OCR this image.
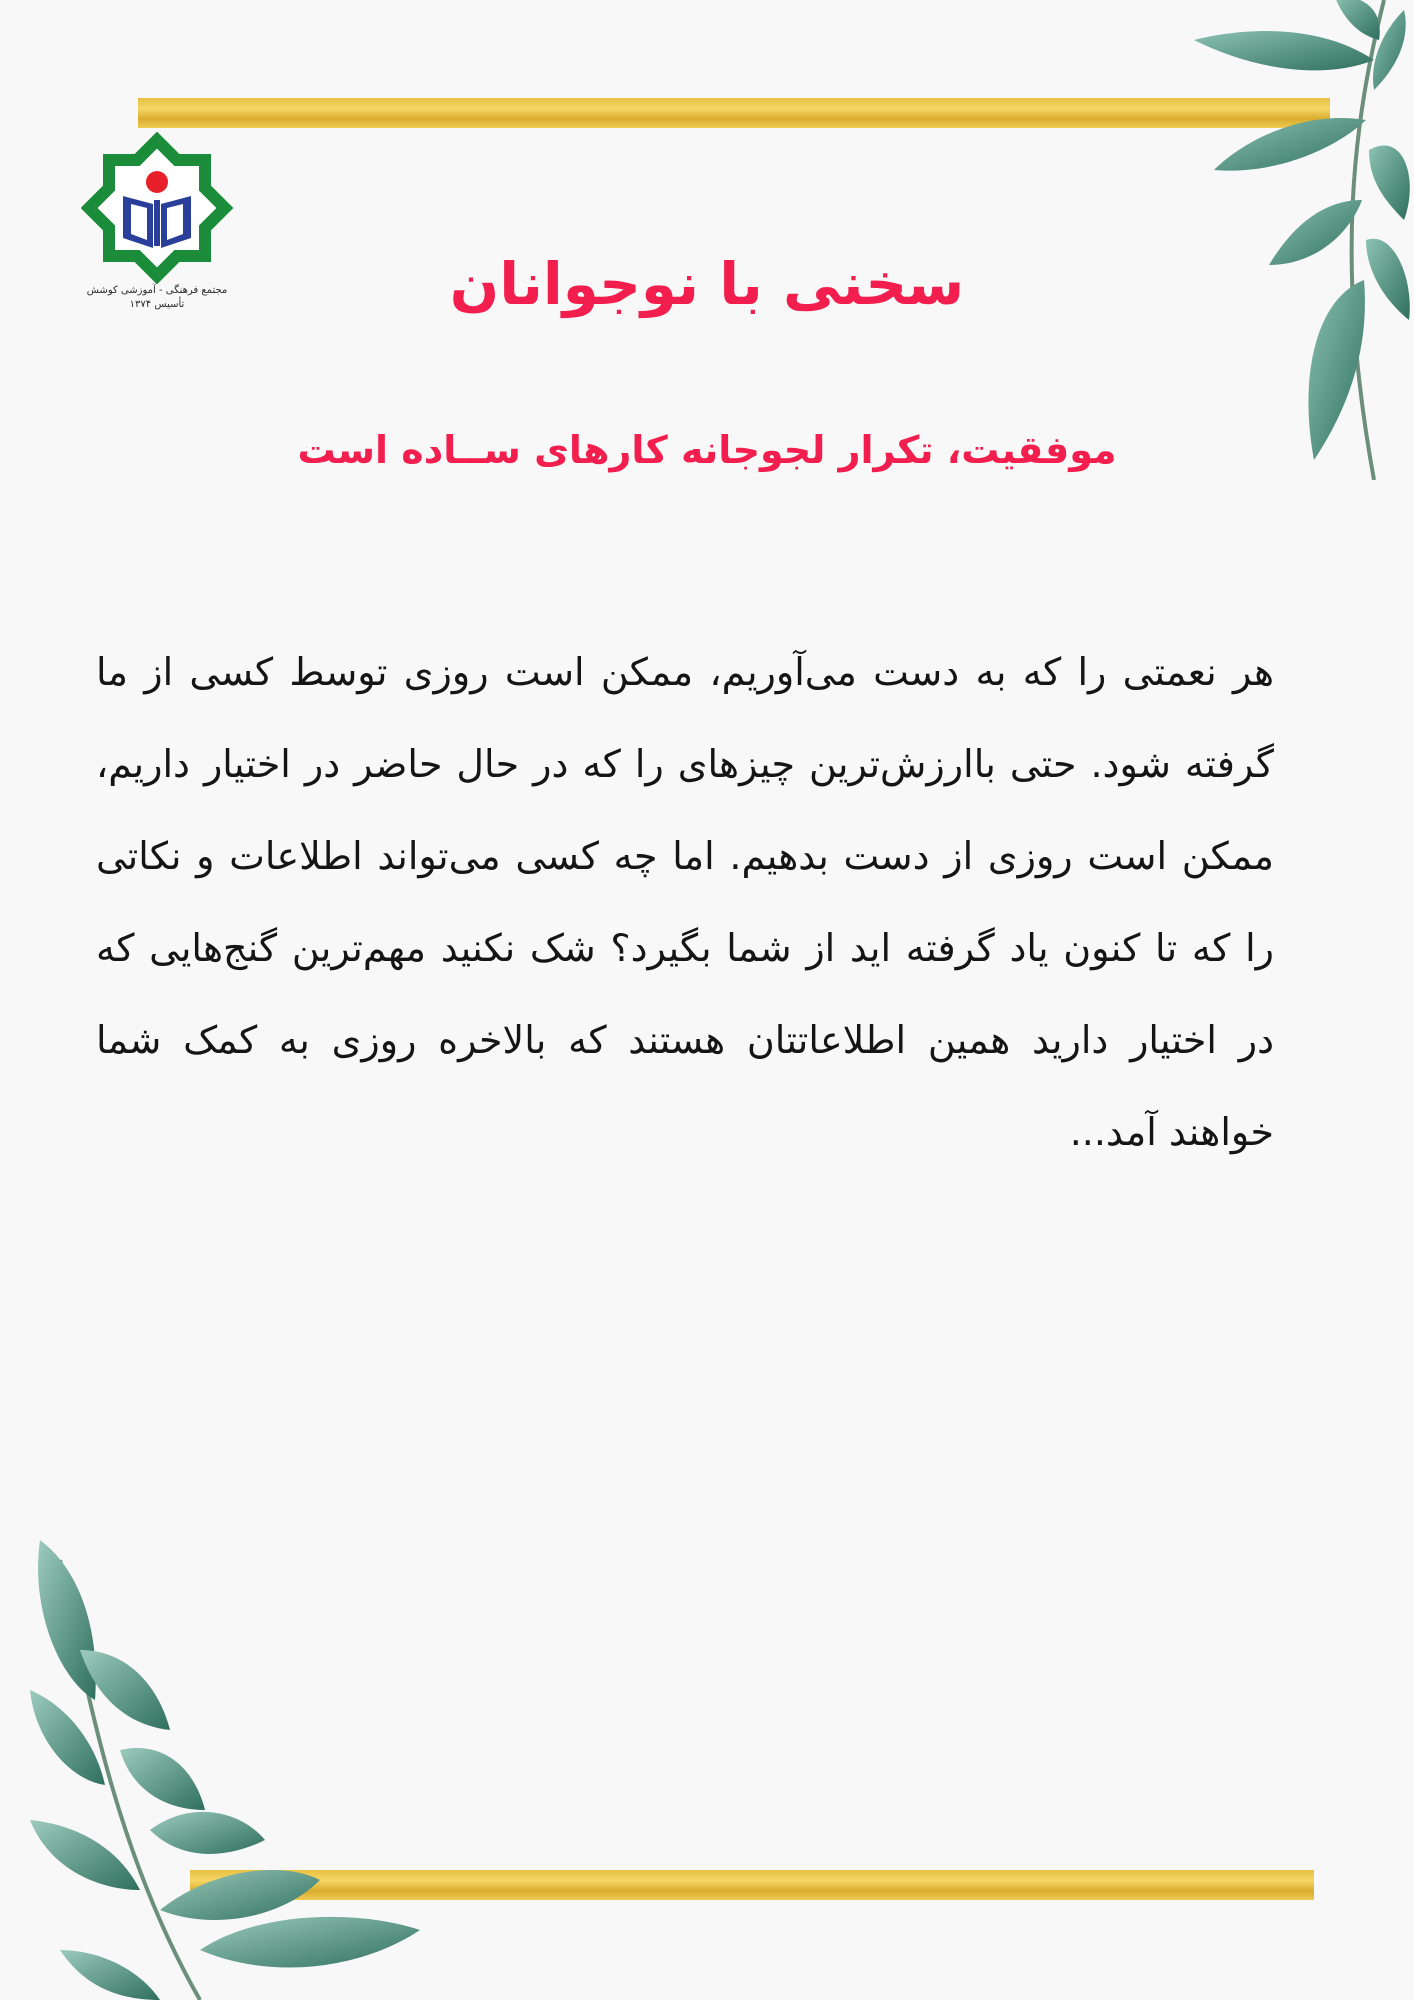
مجتمع فرهنگی - آموزشی کوشش
تأسیس ۱۳۷۴	سخنی با نوجوانان
موفقیت، تکرار لجوجانه کارهای ســاده است
هر نعمتی را که به دست می‌آوریم، ممکن است روزی توسط کسی از ما گرفته شود. حتی باارزش‌ترین چیزهای را که در حال حاضر در اختیار داریم، ممکن است روزی از دست بدهیم. اما چه کسی می‌تواند اطلاعات و نکاتی را که تا کنون یاد گرفته اید از شما بگیرد؟ شک نکنید مهم‌ترین گنج‌هایی که در اختیار دارید همین اطلاعاتتان هستند که بالاخره روزی به کمک شما خواهند آمد...
